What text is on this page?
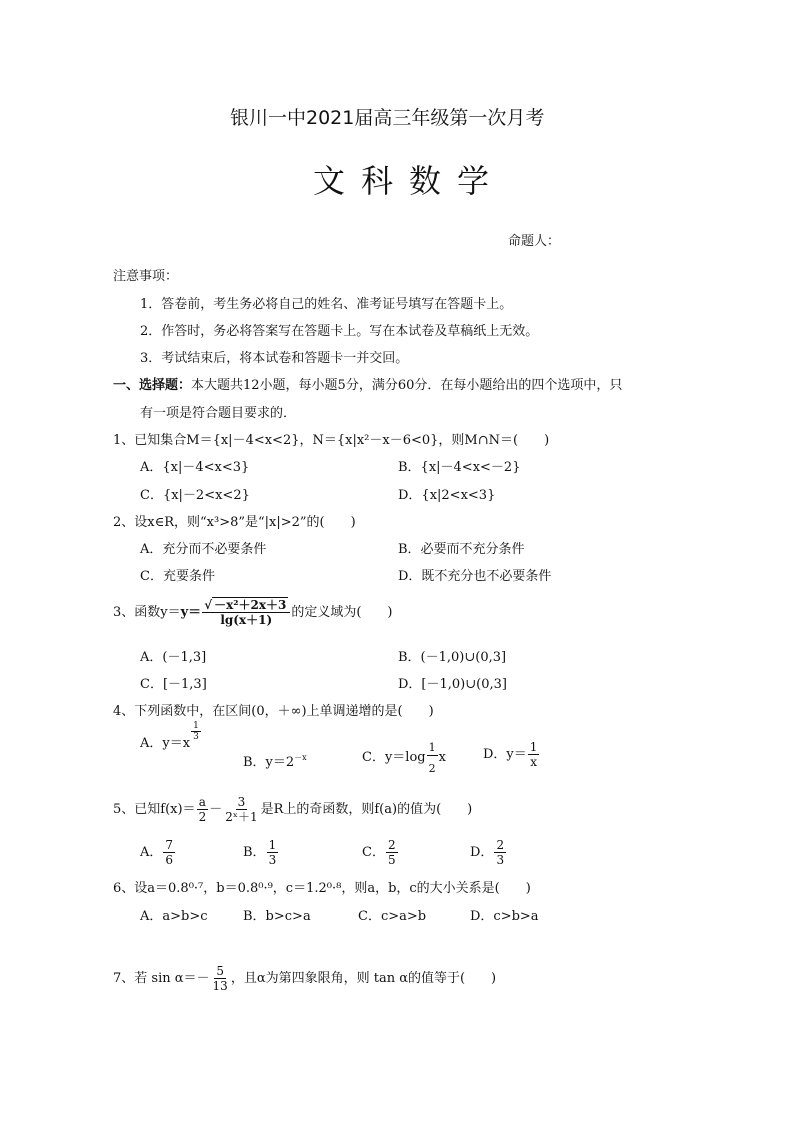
银川一中2021届高三年级第一次月考
文科数学
命题人：
注意事项：
1．答卷前，考生务必将自己的姓名、准考证号填写在答题卡上。
2．作答时，务必将答案写在答题卡上。写在本试卷及草稿纸上无效。
3．考试结束后，将本试卷和答题卡一并交回。
一、选择题：本大题共12小题，每小题5分，满分60分．在每小题给出的四个选项中，只
有一项是符合题目要求的．
1、已知集合M＝{x|－4<x<2}，N＝{x|x²－x－6<0}，则M∩N＝(　　)
A．{x|－4<x<3}	B．{x|－4<x<－2}
C．{x|－2<x<2}	D．{x|2<x<3}
2、设x∈R，则“x³>8”是“|x|>2”的(　　)
A．充分而不必要条件	B．必要而不充分条件
C．充要条件	D．既不充分也不必要条件
3、函数$y= y= \frac{\text{√ －x²＋2x＋3}}{\lg(x+1)}$ 的定义域为(　　)
A．(－1,3]	B．(－1,0)∪(0,3]
C．[－1,3]	D．[－1,0)∪(0,3]
4、下列函数中，在区间(0，＋∞)上单调递增的是(　　)
A．y＝x
$\frac{1}{3}$
B．$y=2^{-x}$	C．$y=\log \frac{1}{2}$ x	D．$y= \frac{1}{x}$
5、已知$f(x)= \frac{a}{2} - \frac{3}{\text{2ˣ＋1}}$ 是R上的奇函数，则f(a)的值为(　　)
A． $\frac{7}{6}$	B． $\frac{1}{3}$	C． $\frac{2}{5}$	D． $\frac{2}{3}$
6、设a＝0.8⁰·⁷，b＝0.8⁰·⁹，c＝1.2⁰·⁸，则a，b，c的大小关系是(　　)
A．a>b>c	B．b>c>a	C．c>a>b	D．c>b>a
7、若 $\sin \alpha=- \frac{5}{13}$ ，且α为第四象限角，则 tan α的值等于(　　)
